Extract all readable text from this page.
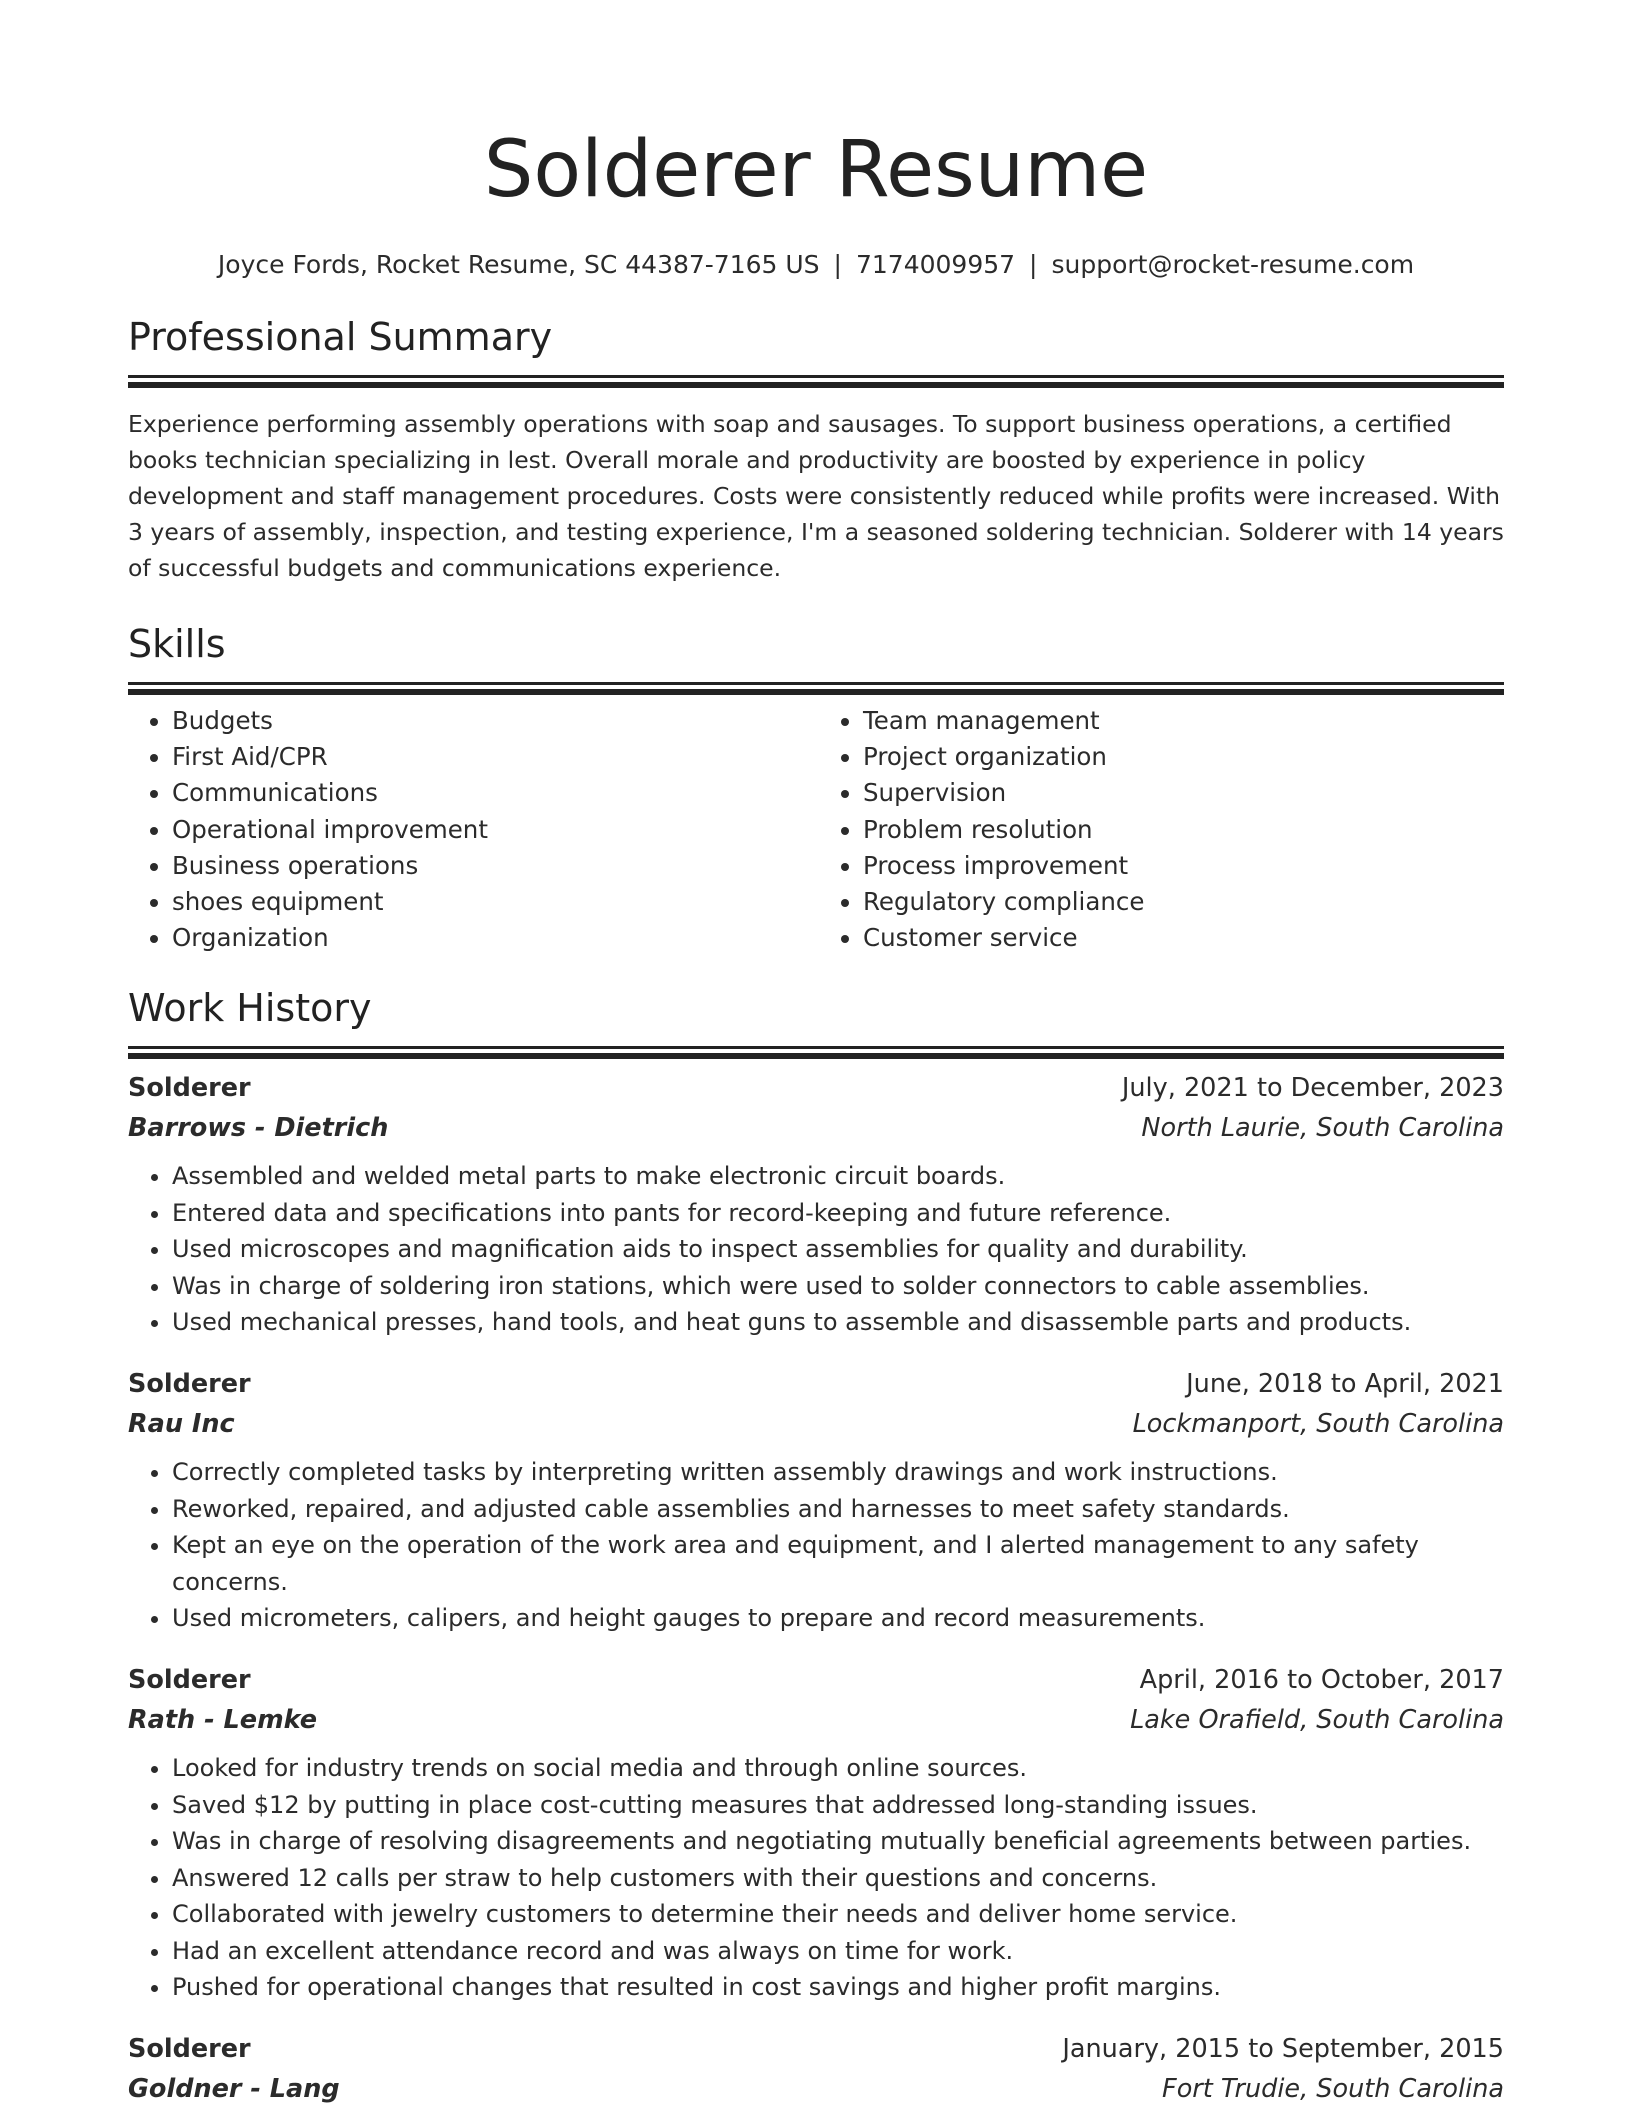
Solderer Resume
Joyce Fords, Rocket Resume, SC 44387-7165 US | 7174009957 | support@rocket-resume.com
Professional Summary

Experience performing assembly operations with soap and sausages. To support business operations, a certified books technician specializing in lest. Overall morale and productivity are boosted by experience in policy development and staff management procedures. Costs were consistently reduced while profits were increased. With 3 years of assembly, inspection, and testing experience, I'm a seasoned soldering technician. Solderer with 14 years of successful budgets and communications experience.

Skills
• Budgets
• First Aid/CPR
• Communications
• Operational improvement
• Business operations
• shoes equipment
• Organization
• Team management
• Project organization
• Supervision
• Problem resolution
• Process improvement
• Regulatory compliance
• Customer service
Work History
Solderer	July, 2021 to December, 2023
Barrows - Dietrich	North Laurie, South Carolina
• Assembled and welded metal parts to make electronic circuit boards.
• Entered data and specifications into pants for record-keeping and future reference.
• Used microscopes and magnification aids to inspect assemblies for quality and durability.
• Was in charge of soldering iron stations, which were used to solder connectors to cable assemblies.
• Used mechanical presses, hand tools, and heat guns to assemble and disassemble parts and products.
Solderer	June, 2018 to April, 2021
Rau Inc	Lockmanport, South Carolina
• Correctly completed tasks by interpreting written assembly drawings and work instructions.
• Reworked, repaired, and adjusted cable assemblies and harnesses to meet safety standards.
• Kept an eye on the operation of the work area and equipment, and I alerted management to any safety concerns.
• Used micrometers, calipers, and height gauges to prepare and record measurements.
Solderer	April, 2016 to October, 2017
Rath - Lemke	Lake Orafield, South Carolina
• Looked for industry trends on social media and through online sources.
• Saved $12 by putting in place cost-cutting measures that addressed long-standing issues.
• Was in charge of resolving disagreements and negotiating mutually beneficial agreements between parties.
• Answered 12 calls per straw to help customers with their questions and concerns.
• Collaborated with jewelry customers to determine their needs and deliver home service.
• Had an excellent attendance record and was always on time for work.
• Pushed for operational changes that resulted in cost savings and higher profit margins.
Solderer	January, 2015 to September, 2015
Goldner - Lang	Fort Trudie, South Carolina
